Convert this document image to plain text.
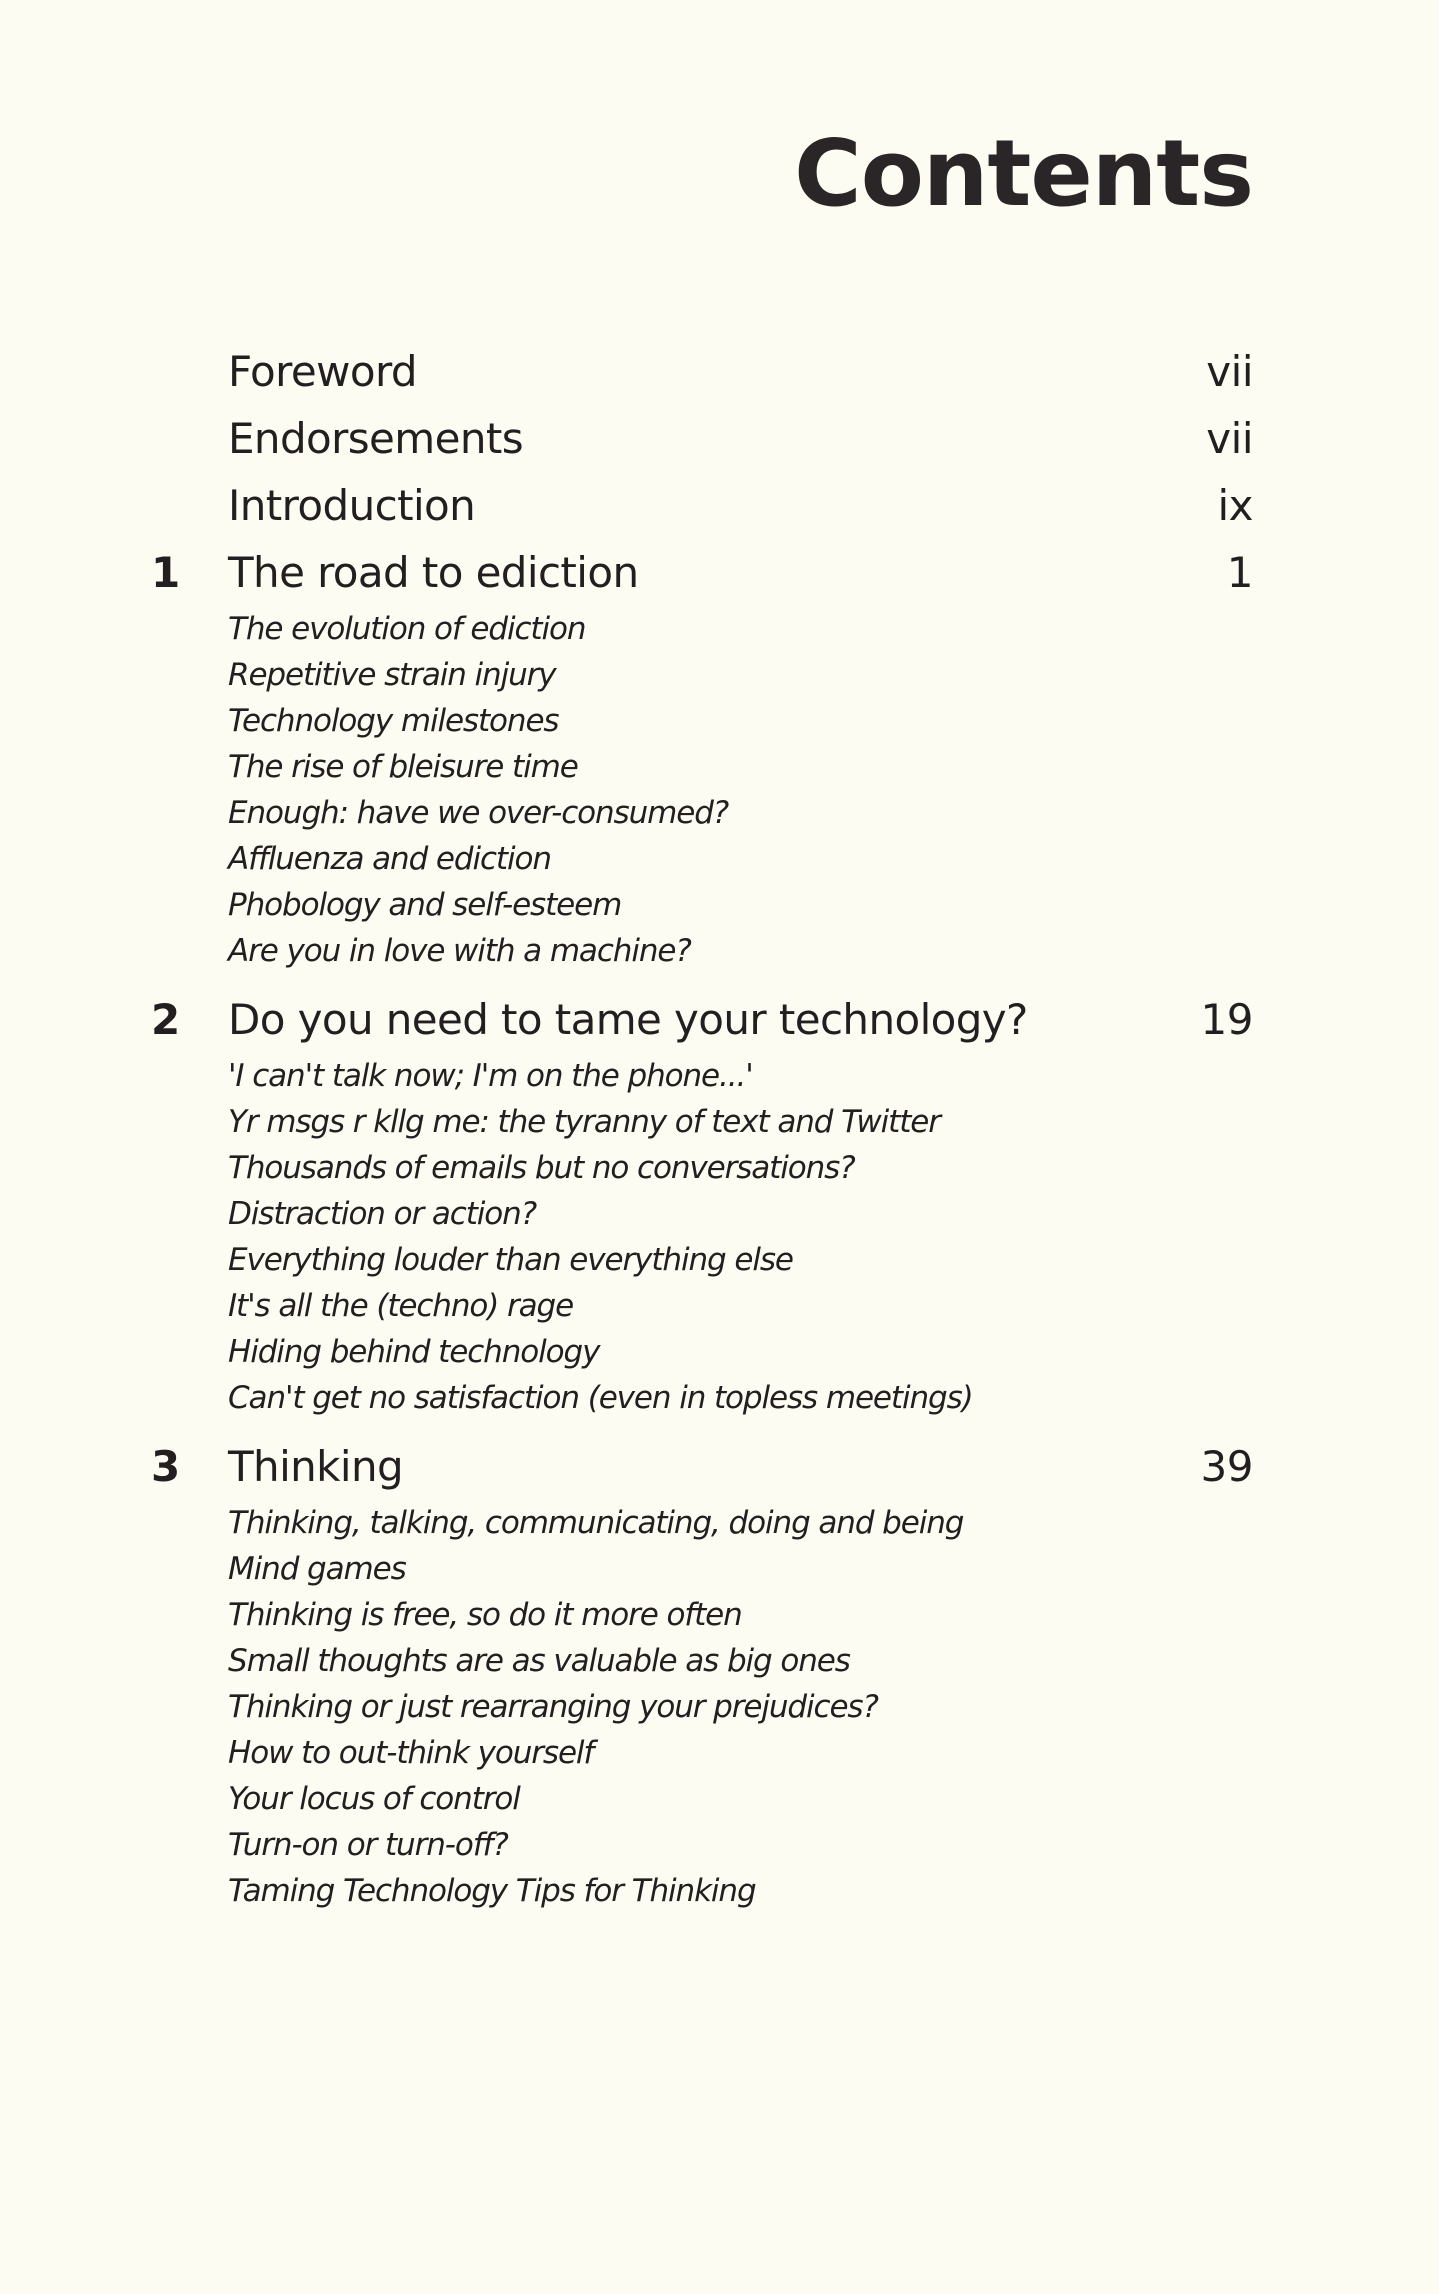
Contents
Foreword	vii
Endorsements	vii
Introduction	ix
1 The road to ediction	1
The evolution of ediction
Repetitive strain injury
Technology milestones
The rise of bleisure time
Enough: have we over-consumed?
Affluenza and ediction
Phobology and self-esteem
Are you in love with a machine?
2 Do you need to tame your technology?	19
'I can't talk now; I'm on the phone...'
Yr msgs r kllg me: the tyranny of text and Twitter
Thousands of emails but no conversations?
Distraction or action?
Everything louder than everything else
It's all the (techno) rage
Hiding behind technology
Can't get no satisfaction (even in topless meetings)
3 Thinking	39
Thinking, talking, communicating, doing and being
Mind games
Thinking is free, so do it more often
Small thoughts are as valuable as big ones
Thinking or just rearranging your prejudices?
How to out-think yourself
Your locus of control
Turn-on or turn-off?
Taming Technology Tips for Thinking
